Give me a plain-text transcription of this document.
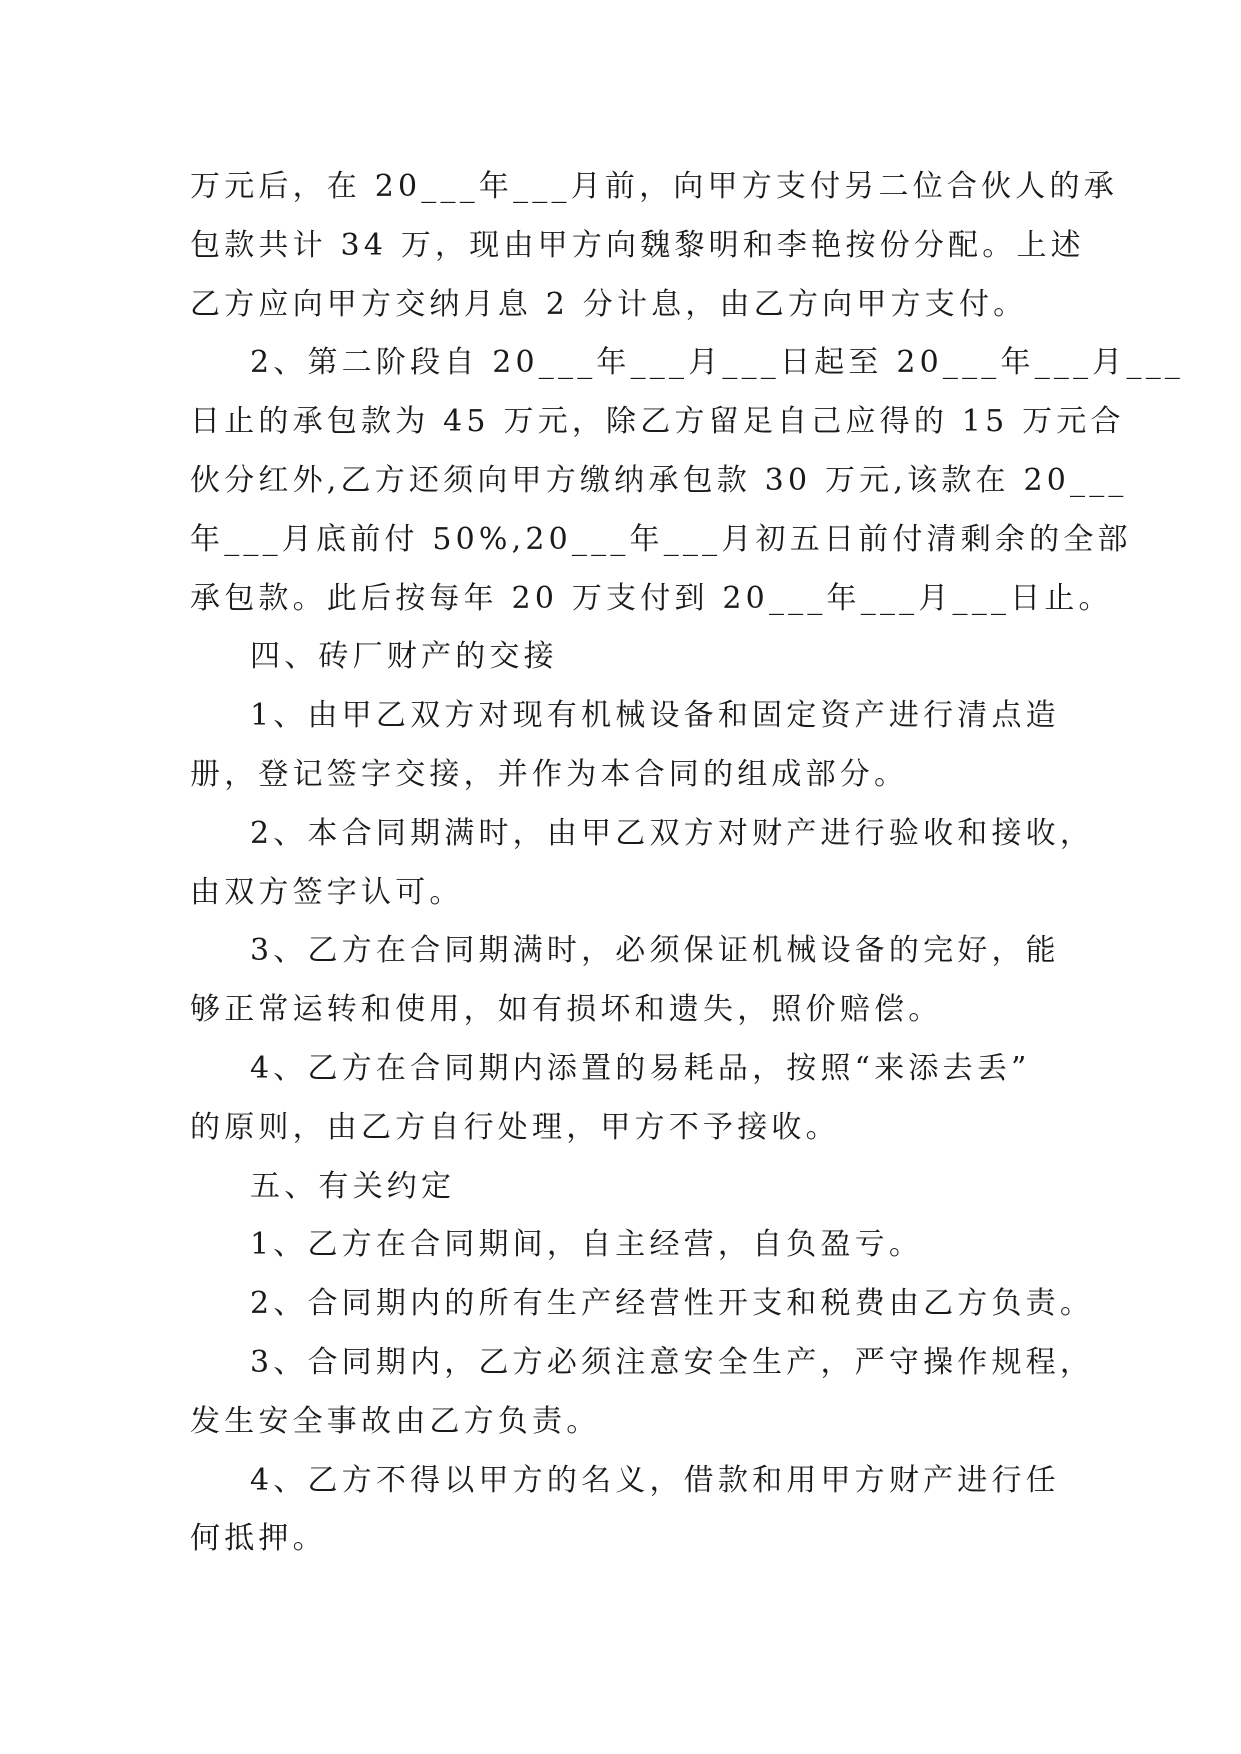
万元后，在 20___年___月前，向甲方支付另二位合伙人的承
包款共计 34 万，现由甲方向魏黎明和李艳按份分配。上述
乙方应向甲方交纳月息 2 分计息，由乙方向甲方支付。
2、第二阶段自 20___年___月___日起至 20___年___月___
日止的承包款为 45 万元，除乙方留足自己应得的 15 万元合
伙分红外,乙方还须向甲方缴纳承包款 30 万元,该款在 20___
年___月底前付 50%,20___年___月初五日前付清剩余的全部
承包款。此后按每年 20 万支付到 20___年___月___日止。
四、砖厂财产的交接
1、由甲乙双方对现有机械设备和固定资产进行清点造
册，登记签字交接，并作为本合同的组成部分。
2、本合同期满时，由甲乙双方对财产进行验收和接收，
由双方签字认可。
3、乙方在合同期满时，必须保证机械设备的完好，能
够正常运转和使用，如有损坏和遗失，照价赔偿。
4、乙方在合同期内添置的易耗品，按照“来添去丢”
的原则，由乙方自行处理，甲方不予接收。
五、有关约定
1、乙方在合同期间，自主经营，自负盈亏。
2、合同期内的所有生产经营性开支和税费由乙方负责。
3、合同期内，乙方必须注意安全生产，严守操作规程，
发生安全事故由乙方负责。
4、乙方不得以甲方的名义，借款和用甲方财产进行任
何抵押。
